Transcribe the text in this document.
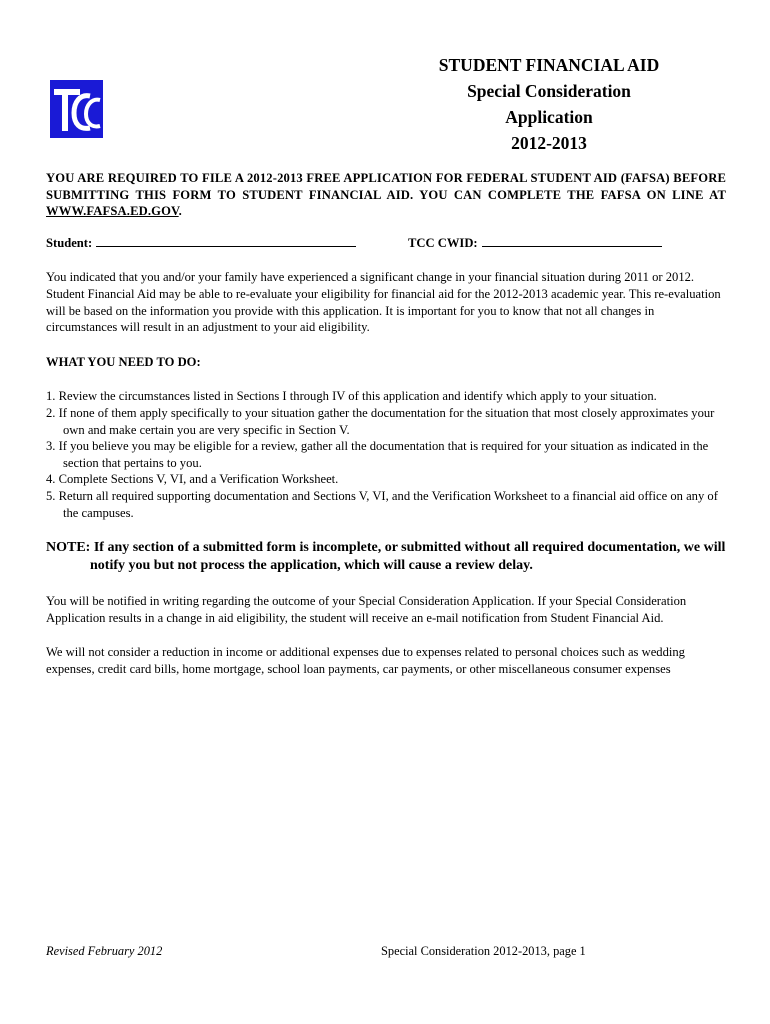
STUDENT FINANCIAL AID
Special Consideration
Application
2012-2013

YOU ARE REQUIRED TO FILE A 2012-2013 FREE APPLICATION FOR FEDERAL STUDENT AID (FAFSA) BEFORE SUBMITTING THIS FORM TO STUDENT FINANCIAL AID. YOU CAN COMPLETE THE FAFSA ON LINE AT WWW.FAFSA.ED.GOV.

Student:	TCC CWID:

You indicated that you and/or your family have experienced a significant change in your financial situation during 2011 or 2012. Student Financial Aid may be able to re-evaluate your eligibility for financial aid for the 2012-2013 academic year. This re-evaluation will be based on the information you provide with this application. It is important for you to know that not all changes in circumstances will result in an adjustment to your aid eligibility.

WHAT YOU NEED TO DO:

1. Review the circumstances listed in Sections I through IV of this application and identify which apply to your situation.

2. If none of them apply specifically to your situation gather the documentation for the situation that most closely approximates your own and make certain you are very specific in Section V.

3. If you believe you may be eligible for a review, gather all the documentation that is required for your situation as indicated in the section that pertains to you.

4. Complete Sections V, VI, and a Verification Worksheet.

5. Return all required supporting documentation and Sections V, VI, and the Verification Worksheet to a financial aid office on any of the campuses.

NOTE: If any section of a submitted form is incomplete, or submitted without all required documentation, we will notify you but not process the application, which will cause a review delay.

You will be notified in writing regarding the outcome of your Special Consideration Application. If your Special Consideration Application results in a change in aid eligibility, the student will receive an e-mail notification from Student Financial Aid.

We will not consider a reduction in income or additional expenses due to expenses related to personal choices such as wedding expenses, credit card bills, home mortgage, school loan payments, car payments, or other miscellaneous consumer expenses

Revised February 2012	Special Consideration 2012-2013, page 1
